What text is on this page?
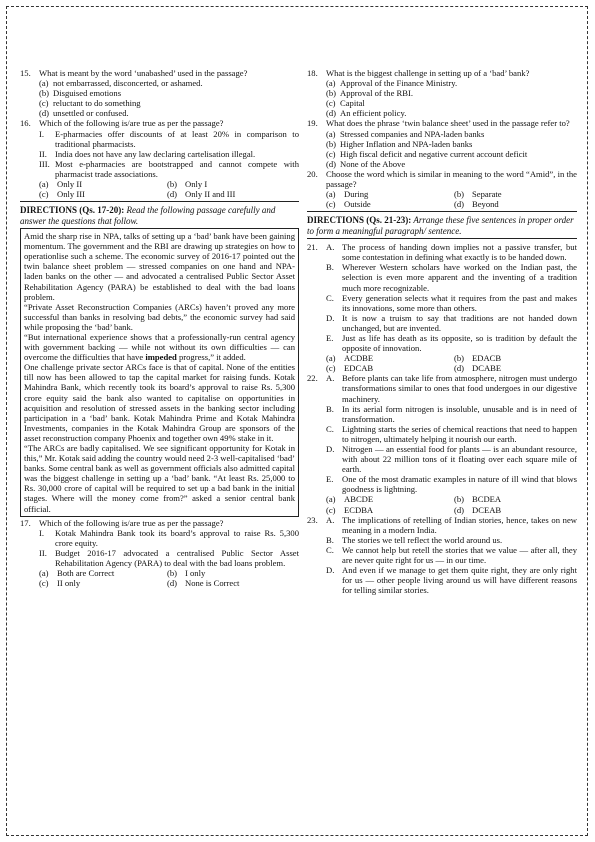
15. What is meant by the word ‘unabashed’ used in the passage?
(a) not embarrassed, disconcerted, or ashamed.
(b) Disguised emotions
(c) reluctant to do something
(d) unsettled or confused.
16. Which of the following is/are true as per the passage?
I.	E-pharmacies offer discounts of at least 20% in comparison to traditional pharmacists.
II. India does not have any law declaring cartelisation illegal.
III. Most e-pharmacies are bootstrapped and cannot compete with pharmacist trade associations.
(a) Only II	(b) Only I
(c) Only III	(d) Only II and III
DIRECTIONS (Qs. 17-20): Read the following passage carefully and answer the questions that follow.

Amid the sharp rise in NPA, talks of setting up a ‘bad’ bank have been gaining momentum. The government and the RBI are drawing up strategies on how to operationlise such a scheme. The economic survey of 2016-17 pointed out the twin balance sheet problem — stressed companies on one hand and NPA-laden banks on the other — and advocated a centralised Public Sector Asset Rehabilitation Agency (PARA) be established to deal with the bad loans problem.

“Private Asset Reconstruction Companies (ARCs) haven’t proved any more successful than banks in resolving bad debts,” the economic survey had said while proposing the ‘bad’ bank.

“But international experience shows that a professionally-run central agency with government backing — while not without its own difficulties — can overcome the difficulties that have impeded progress,” it added.

One challenge private sector ARCs face is that of capital. None of the entities till now has been allowed to tap the capital market for raising funds. Kotak Mahindra Bank, which recently took its board’s approval to raise Rs. 5,300 crore equity said the bank also wanted to capitalise on opportunities in acquisition and resolution of stressed assets in the banking sector including participation in a ‘bad’ bank. Kotak Mahindra Prime and Kotak Mahindra Investments, companies in the Kotak Mahindra Group are sponsors of the asset reconstruction company Phoenix and together own 49% stake in it.

“The ARCs are badly capitalised. We see significant opportunity for Kotak in this,” Mr. Kotak said adding the country would need 2-3 well-capitalised ‘bad’ banks. Some central bank as well as government officials also admitted capital was the biggest challenge in setting up a ‘bad’ bank. “At least Rs. 25,000 to Rs. 30,000 crore of capital will be required to set up a bad bank in the initial stages. Where will the money come from?” asked a senior central bank official.

17. Which of the following is/are true as per the passage?
I.	Kotak Mahindra Bank took its board’s approval to raise Rs. 5,300 crore equity.
II. Budget 2016-17 advocated a centralised Public Sector Asset Rehabilitation Agency (PARA) to deal with the bad loans problem.
(a) Both are Correct	(b) I only
(c) II only	(d) None is Correct
18. What is the biggest challenge in setting up of a ‘bad’ bank?
(a) Approval of the Finance Ministry.
(b) Approval of the RBI.
(c) Capital
(d) An efficient policy.
19. What does the phrase ‘twin balance sheet’ used in the passage refer to?
(a) Stressed companies and NPA-laden banks
(b) Higher Inflation and NPA-laden banks
(c) High fiscal deficit and negative current account deficit
(d) None of the Above
20. Choose the word which is similar in meaning to the word “Amid”, in the passage?
(a) During	(b) Separate
(c) Outside	(d) Beyond
DIRECTIONS (Qs. 21-23): Arrange these five sentences in proper order to form a meaningful paragraph/ sentence.
21. A. The process of handing down implies not a passive transfer, but some contestation in defining what exactly is to be handed down.
B. Wherever Western scholars have worked on the Indian past, the selection is even more apparent and the inventing of a tradition much more recognizable.
C. Every generation selects what it requires from the past and makes its innovations, some more than others.
D. It is now a truism to say that traditions are not handed down unchanged, but are invented.
E. Just as life has death as its opposite, so is tradition by default the opposite of innovation.
(a) ACDBE	(b) EDACB
(c) EDCAB	(d) DCABE
22. A. Before plants can take life from atmosphere, nitrogen must undergo transformations similar to ones that food undergoes in our digestive machinery.
B. In its aerial form nitrogen is insoluble, unusable and is in need of transformation.
C. Lightning starts the series of chemical reactions that need to happen to nitrogen, ultimately helping it nourish our earth.
D. Nitrogen — an essential food for plants — is an abundant resource, with about 22 million tons of it floating over each square mile of earth.
E. One of the most dramatic examples in nature of ill wind that blows goodness is lightning.
(a) ABCDE	(b) BCDEA
(c) ECDBA	(d) DCEAB
23. A. The implications of retelling of Indian stories, hence, takes on new meaning in a modern India.
B. The stories we tell reflect the world around us.
C. We cannot help but retell the stories that we value — after all, they are never quite right for us — in our time.
D. And even if we manage to get them quite right, they are only right for us — other people living around us will have different reasons for telling similar stories.
